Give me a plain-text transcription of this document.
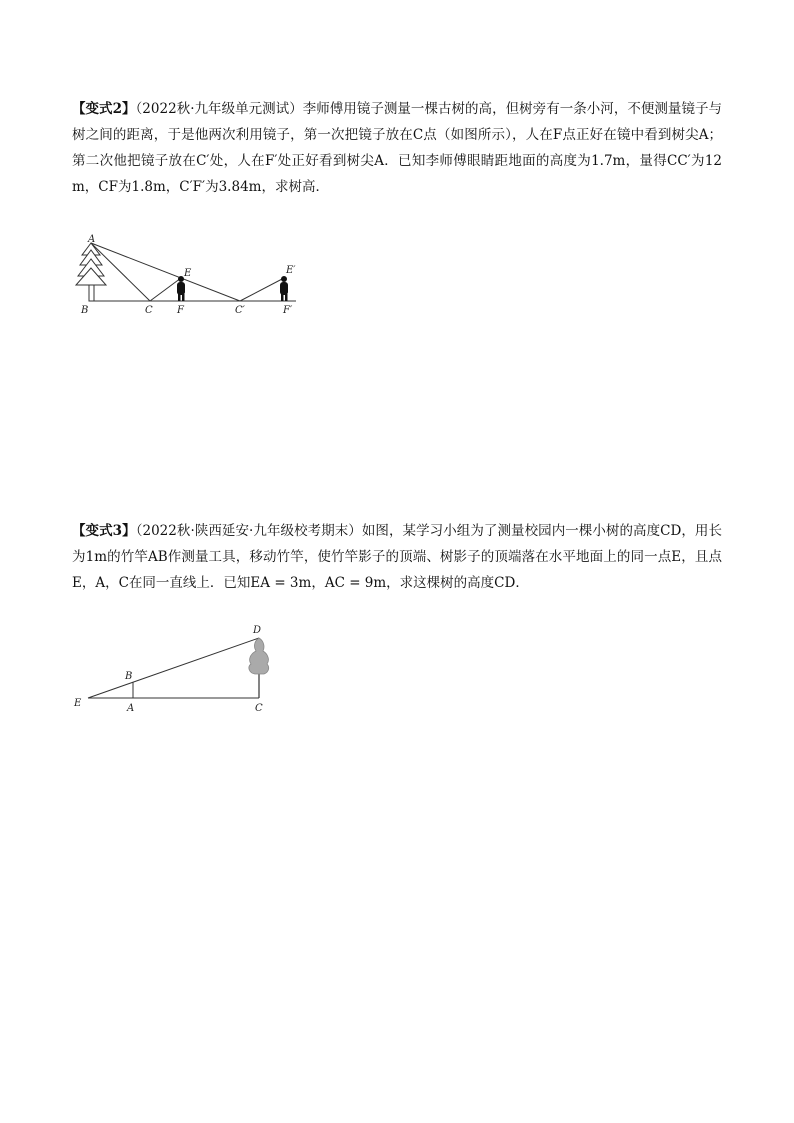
【变式2】（2022秋·九年级单元测试）李师傅用镜子测量一棵古树的高，但树旁有一条小河，不便测量镜子与树之间的距离，于是他两次利用镜子，第一次把镜子放在C点（如图所示），人在F点正好在镜中看到树尖A；第二次他把镜子放在C′处，人在F′处正好看到树尖A．已知李师傅眼睛距地面的高度为1.7m，量得CC′为12 m，CF为1.8m，C′F′为3.84m，求树高．

A
B	C F
E
C′	F′
E′

【变式3】（2022秋·陕西延安·九年级校考期末）如图，某学习小组为了测量校园内一棵小树的高度CD，用长为1m的竹竿AB作测量工具，移动竹竿，使竹竿影子的顶端、树影子的顶端落在水平地面上的同一点E，且点E，A，C在同一直线上．已知EA = 3m，AC = 9m，求这棵树的高度CD．

D
B
E	A	C
